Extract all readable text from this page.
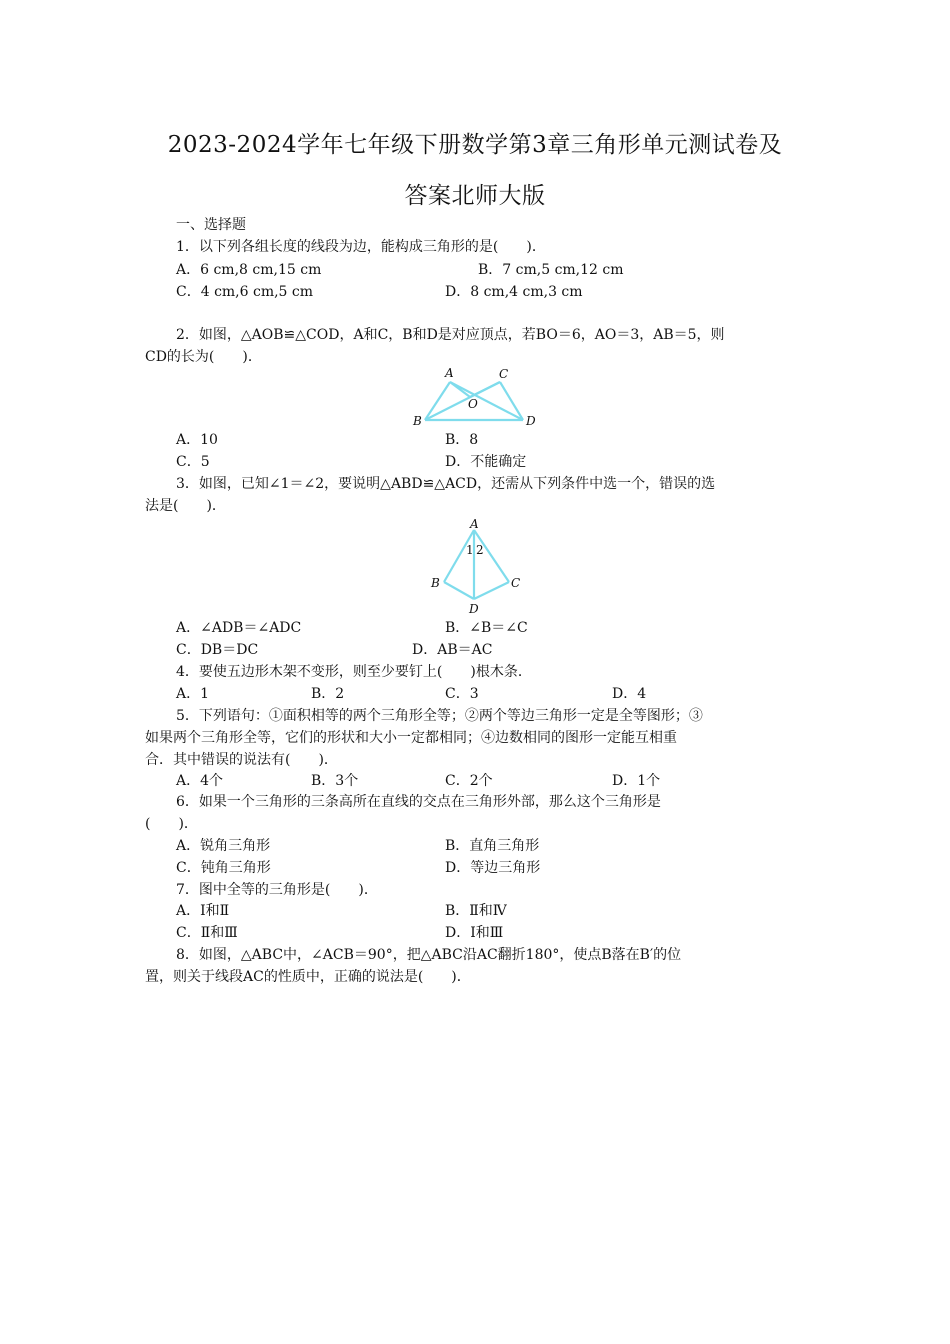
2023-2024学年七年级下册数学第3章三角形单元测试卷及
答案北师大版
一、选择题
1．以下列各组长度的线段为边，能构成三角形的是(　　)．
A．6 cm,8 cm,15 cm	B．7 cm,5 cm,12 cm
C．4 cm,6 cm,5 cm	D．8 cm,4 cm,3 cm
2．如图，△AOB≌△COD，A和C，B和D是对应顶点，若BO＝6，AO＝3，AB＝5，则
CD的长为(　　)．
A	C
O
B	D
A．10	B．8
C．5	D．不能确定
3．如图，已知∠1＝∠2，要说明△ABD≌△ACD，还需从下列条件中选一个，错误的选
法是(　　)．
A
1 2
B	C
D
A．∠ADB＝∠ADC	B．∠B＝∠C
C．DB＝DC	D．AB＝AC
4．要使五边形木架不变形，则至少要钉上(　　)根木条．
A．1	B．2	C．3	D．4
5．下列语句：①面积相等的两个三角形全等；②两个等边三角形一定是全等图形；③
如果两个三角形全等，它们的形状和大小一定都相同；④边数相同的图形一定能互相重
合．其中错误的说法有(　　)．
A．4个	B．3个	C．2个	D．1个
6．如果一个三角形的三条高所在直线的交点在三角形外部，那么这个三角形是
(　　)．
A．锐角三角形	B．直角三角形
C．钝角三角形	D．等边三角形
7．图中全等的三角形是(　　)．
A．Ⅰ和Ⅱ	B．Ⅱ和Ⅳ
C．Ⅱ和Ⅲ	D．Ⅰ和Ⅲ
8．如图，△ABC中，∠ACB＝90°，把△ABC沿AC翻折180°，使点B落在B′的位
置，则关于线段AC的性质中，正确的说法是(　　)．
